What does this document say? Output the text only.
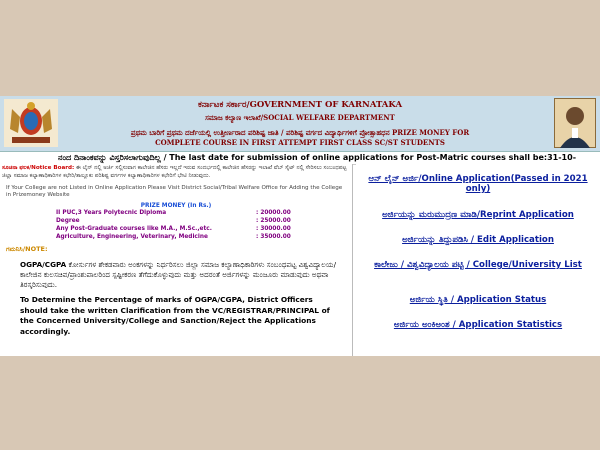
ಕರ್ನಾಟಕ ಸರ್ಕಾರ/GOVERNMENT OF KARNATAKA
ಸಮಾಜ ಕಲ್ಯಾಣ ಇಲಾಖೆ/SOCIAL WELFARE DEPARTMENT
ಪ್ರಥಮ ಬಾರಿಗೆ ಪ್ರಥಮ ದರ್ಜೆಯಲ್ಲಿ ಉತ್ತೀರ್ಣರಾದ ಪರಿಶಿಷ್ಟ ಜಾತಿ / ಪರಿಶಿಷ್ಟ ವರ್ಗದ ವಿದ್ಯಾರ್ಥಿಗಳಿಗೆ ಪ್ರೋತ್ಸಾಹಧನ PRIZE MONEY FOR
COMPLETE COURSE IN FIRST ATTEMPT FIRST CLASS SC/ST STUDENTS
ನಂದ ದಿನಾಂಕವನ್ನು ವಿಸ್ತರಿಸಲಾಗುವುದಿಲ್ಲ / The last date for submission of online applications for Post-Matric courses shall be:31-10-
ಸೂಚನಾ ಫಲಕ/Notice Board: ಈ ಲೈನ್ ನಲ್ಲಿ ಅರ್ಜಿ ಸಲ್ಲಿಸುವಾಗ ಕಾಲೇಜಿನ ಹೆಸರು ಇಲ್ಲದೆ ಇರುವ ಸಂದರ್ಭದಲ್ಲಿ ಕಾಲೇಜಿನ ಹೆಸರನ್ನು ಇಲಾಖೆ ವೆಬ್ ಸೈಟ್ ನಲ್ಲಿ ಸೇರಿಸಲು ಸಂಬಂಧಪಟ್ಟ ಜಿಲ್ಲಾ ಸಮಾಜ ಕಲ್ಯಾಣಾಧಿಕಾರಿಗಳ ಕಛೇರಿ/ತಾಲ್ಲೂಕು ಪರಿಶಿಷ್ಟ ವರ್ಗಗಳ ಕಲ್ಯಾಣಾಧಿಕಾರಿಗಳ ಕಛೇರಿಗೆ ಭೇಟಿ ನೀಡುವುದು.
If Your College are not Listed in Online Application Please Visit District Social/Tribal Welfare Office for Adding the College in Prizemoney Website
PRIZE MONEY (In Rs.)
II PUC,3 Years Polytecnic Diploma	: 20000.00
Degree	: 25000.00
Any Post-Graduate courses like M.A., M.Sc.,etc.	: 30000.00
Agriculture, Engineering, Veterinary, Medicine	: 35000.00
ಗಮನಿಸಿ/NOTE:
OGPA/CGPA ಕೋರ್ಸುಗಳ ಶೇಕಡವಾರು ಅಂಕಗಳನ್ನು ನಿರ್ಧರಿಸಲು ಜಿಲ್ಲಾ ಸಮಾಜ ಕಲ್ಯಾಣಾಧಿಕಾರಿಗಳು ಸಂಬಂಧಪಟ್ಟ ವಿಶ್ವವಿದ್ಯಾಲಯ/ಕಾಲೇಜಿನ ಕುಲಸಚಿವ/ಪ್ರಾಂಶುಪಾಲರಿಂದ ಸ್ಪಷ್ಟೀಕರಣ ತೆಗೆದುಕೊಳ್ಳುವುದು ಮತ್ತು ಅದರಂತೆ ಅರ್ಜಿಗಳನ್ನು ಮಂಜೂರು ಮಾಡುವುದು ಅಥವಾ ತಿರಸ್ಕರಿಸುವುದು.
To Determine the Percentage of marks of OGPA/CGPA, District Officers should take the written Clarification from the VC/REGISTRAR/PRINCIPAL of the Concerned University/College and Sanction/Reject the Applications accordingly.
ಆನ್ ಲೈನ್ ಅರ್ಜಿ/Online Application(Passed in 2021 only)
ಅರ್ಜಿಯನ್ನು ಮರುಮುದ್ರಣ ಮಾಡಿ/Reprint Application
ಅರ್ಜಿಯನ್ನು ತಿದ್ದುಪಡಿಸಿ / Edit Application
ಕಾಲೇಜು / ವಿಶ್ವವಿದ್ಯಾಲಯ ಪಟ್ಟಿ / College/University List
ಅರ್ಜಿಯ ಸ್ಥಿತಿ / Application Status
ಅರ್ಜಿಯ ಅಂಕಿಅಂಶ / Application Statistics
